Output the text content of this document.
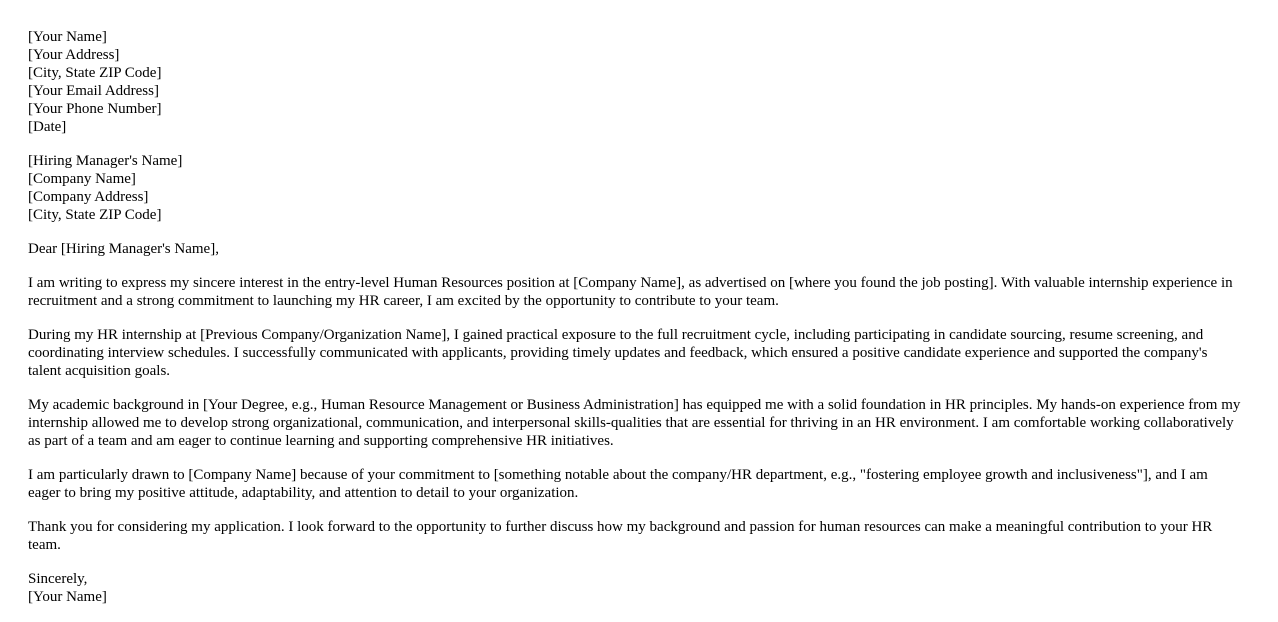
[Your Name]
[Your Address]
[City, State ZIP Code]
[Your Email Address]
[Your Phone Number]
[Date]
[Hiring Manager's Name]
[Company Name]
[Company Address]
[City, State ZIP Code]

Dear [Hiring Manager's Name],

I am writing to express my sincere interest in the entry-level Human Resources position at [Company Name], as advertised on [where you found the job posting]. With valuable internship experience in recruitment and a strong commitment to launching my HR career, I am excited by the opportunity to contribute to your team.

During my HR internship at [Previous Company/Organization Name], I gained practical exposure to the full recruitment cycle, including participating in candidate sourcing, resume screening, and coordinating interview schedules. I successfully communicated with applicants, providing timely updates and feedback, which ensured a positive candidate experience and supported the company's talent acquisition goals.

My academic background in [Your Degree, e.g., Human Resource Management or Business Administration] has equipped me with a solid foundation in HR principles. My hands-on experience from my internship allowed me to develop strong organizational, communication, and interpersonal skills-qualities that are essential for thriving in an HR environment. I am comfortable working collaboratively as part of a team and am eager to continue learning and supporting comprehensive HR initiatives.

I am particularly drawn to [Company Name] because of your commitment to [something notable about the company/HR department, e.g., "fostering employee growth and inclusiveness"], and I am eager to bring my positive attitude, adaptability, and attention to detail to your organization.

Thank you for considering my application. I look forward to the opportunity to further discuss how my background and passion for human resources can make a meaningful contribution to your HR team.

Sincerely,
[Your Name]
